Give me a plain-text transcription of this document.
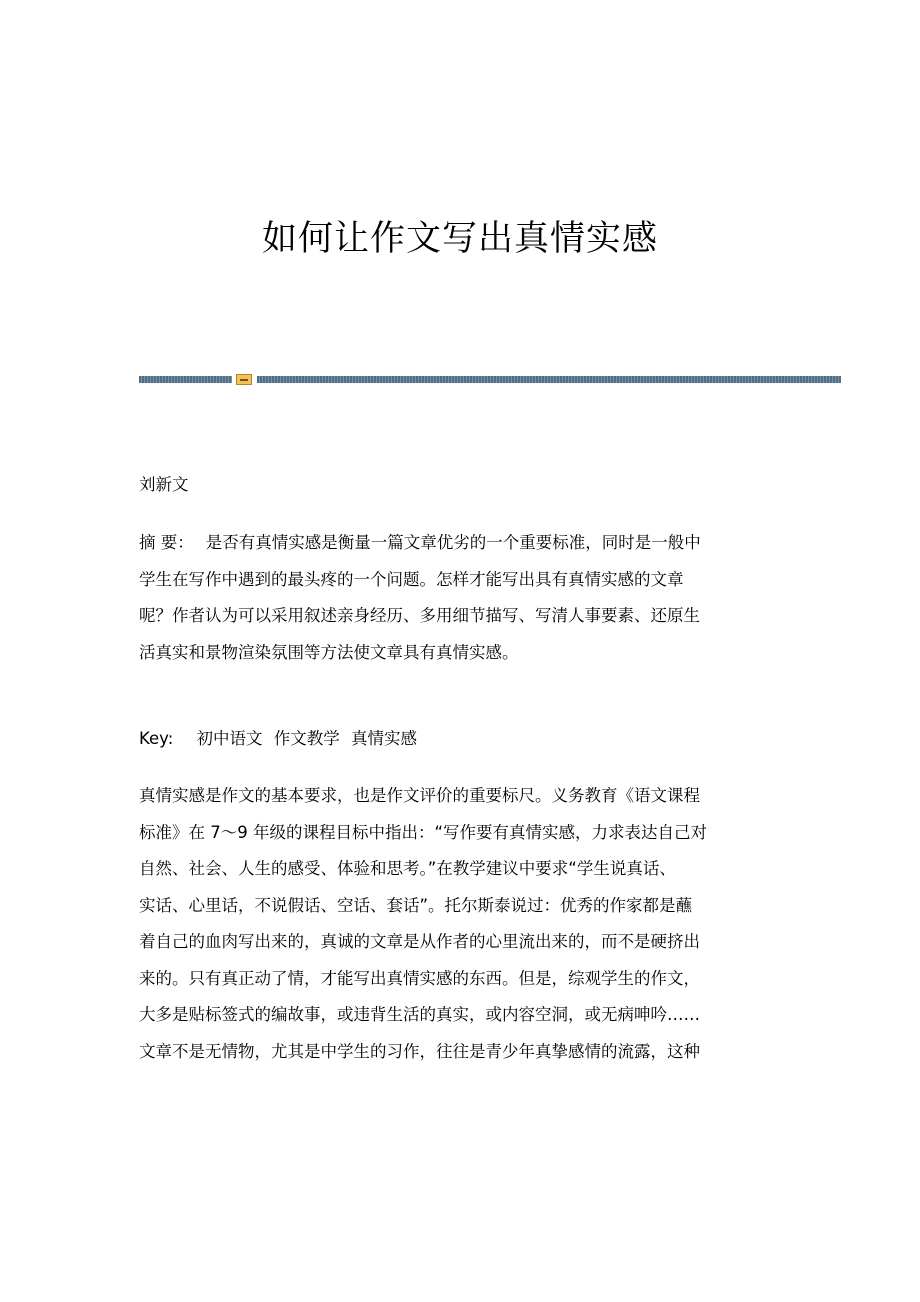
如何让作文写出真情实感
刘新文
摘 要： 是否有真情实感是衡量一篇文章优劣的一个重要标准，同时是一般中
学生在写作中遇到的最头疼的一个问题。怎样才能写出具有真情实感的文章
呢？作者认为可以采用叙述亲身经历、多用细节描写、写清人事要素、还原生
活真实和景物渲染氛围等方法使文章具有真情实感。
Key: 初中语文 作文教学 真情实感
真情实感是作文的基本要求，也是作文评价的重要标尺。义务教育《语文课程
标准》在 7～9 年级的课程目标中指出：“写作要有真情实感，力求表达自己对
自然、社会、人生的感受、体验和思考。”在教学建议中要求“学生说真话、
实话、心里话，不说假话、空话、套话”。托尔斯泰说过：优秀的作家都是蘸
着自己的血肉写出来的，真诚的文章是从作者的心里流出来的，而不是硬挤出
来的。只有真正动了情，才能写出真情实感的东西。但是，综观学生的作文，
大多是贴标签式的编故事，或违背生活的真实，或内容空洞，或无病呻吟……
文章不是无情物，尤其是中学生的习作，往往是青少年真挚感情的流露，这种
